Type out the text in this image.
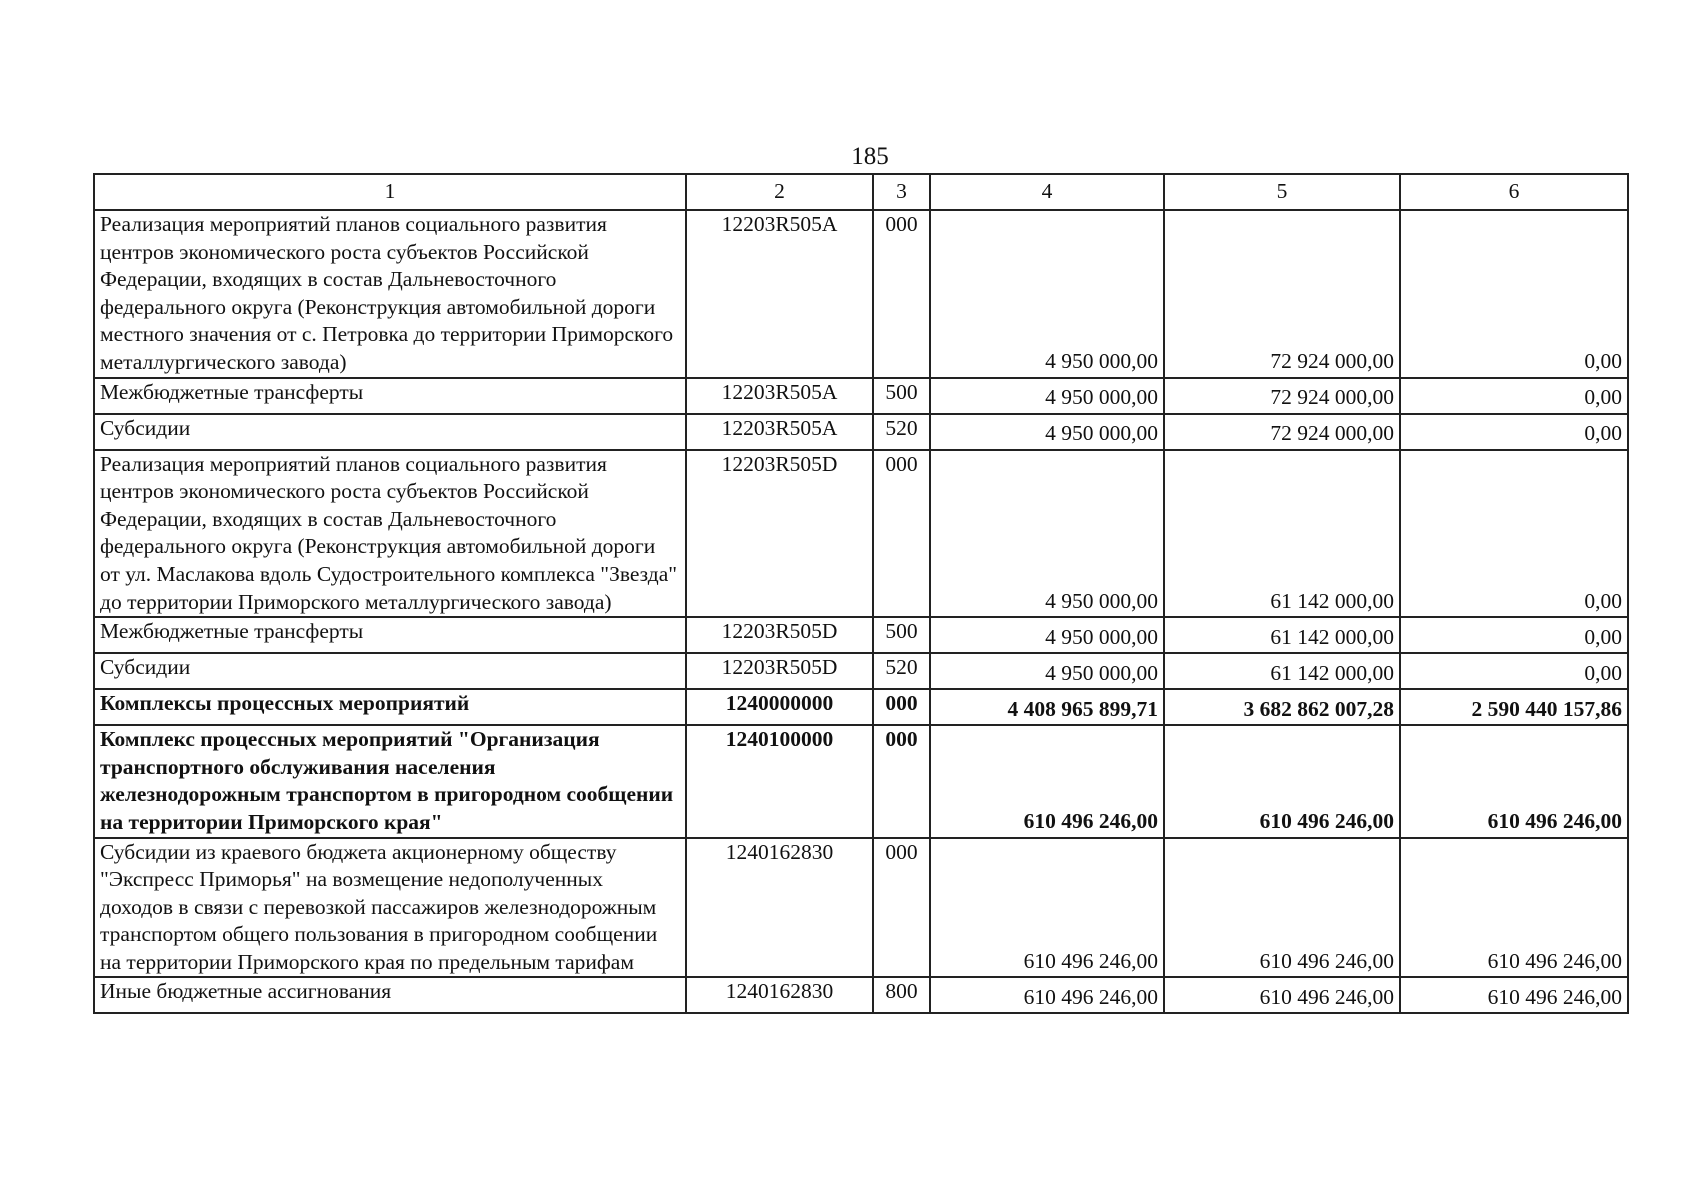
185
1	2	3	4	5	6
Реализация мероприятий планов социального развития центров экономического роста субъектов Российской Федерации, входящих в состав Дальневосточного федерального округа (Реконструкция автомобильной дороги местного значения от с. Петровка до территории Приморского металлургического завода)	12203R505A	000	4 950 000,00	72 924 000,00	0,00
Межбюджетные трансферты	12203R505A	500	4 950 000,00	72 924 000,00	0,00
Субсидии	12203R505A	520	4 950 000,00	72 924 000,00	0,00
Реализация мероприятий планов социального развития центров экономического роста субъектов Российской Федерации, входящих в состав Дальневосточного федерального округа (Реконструкция автомобильной дороги от ул. Маслакова вдоль Судостроительного комплекса "Звезда" до территории Приморского металлургического завода)	12203R505D	000	4 950 000,00	61 142 000,00	0,00
Межбюджетные трансферты	12203R505D	500	4 950 000,00	61 142 000,00	0,00
Субсидии	12203R505D	520	4 950 000,00	61 142 000,00	0,00
Комплексы процессных мероприятий	1240000000	000	4 408 965 899,71	3 682 862 007,28	2 590 440 157,86
Комплекс процессных мероприятий "Организация транспортного обслуживания населения железнодорожным транспортом в пригородном сообщении на территории Приморского края"	1240100000	000	610 496 246,00	610 496 246,00	610 496 246,00
Субсидии из краевого бюджета акционерному обществу "Экспресс Приморья" на возмещение недополученных доходов в связи с перевозкой пассажиров железнодорожным транспортом общего пользования в пригородном сообщении на территории Приморского края по предельным тарифам	1240162830	000	610 496 246,00	610 496 246,00	610 496 246,00
Иные бюджетные ассигнования	1240162830	800	610 496 246,00	610 496 246,00	610 496 246,00
